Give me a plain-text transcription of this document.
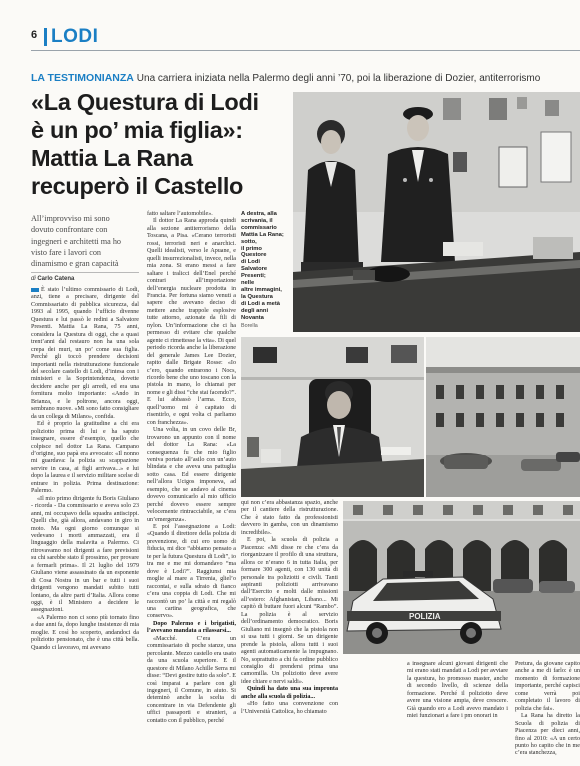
6 LODI
LA TESTIMONIANZA Una carriera iniziata nella Palermo degli anni ’70, poi la liberazione di Dozier, antiterrorismo
«La Questura di Lodi
è un po’ mia figlia»:
Mattia La Rana
recuperò il Castello
All’improvviso mi sono
dovuto confrontare con
ingegneri e architetti ma ho
visto fare i lavori con
dinamismo e gran capacità
di Carlo Catena

È stato l’ultimo commissario di Lodi, anzi, tiene a precisare, dirigente del Commissariato di pubblica sicurezza, dal 1993 al 1995, quando l’ufficio divenne Questura e lui passò le redini a Salvatore Presenti. Mattia La Rana, 75 anni, considera la Questura di oggi, che a quasi trent’anni dal restauro non ha una sola crepa dei muri, un po’ come sua figlia. Perché gli toccò prendere decisioni importanti nella ristrutturazione funzionale del secolare castello di Lodi, d’intesa con i ministeri e la Soprintendenza, dovette decidere anche per gli arredi, ed era una fornitura molto importante: «Ando in Brianza, e le poltrone, ancora oggi, sembrano nuove. «Mi sono fatto consigliare da un collega di Milano», confida.

Ed è proprio la gratitudine a chi era poliziotto prima di lui e ha saputo insegnare, essere d’esempio, quello che colpisce nel dottor La Rana. Campano d’origine, suo papà era avvocato: «Il nonno mi guardava: la polizia su scappazione servire in casa, ai figli arrivava...» e lui dopo la laurea e il servizio militare scelse di entrare in polizia. Prima destinazione: Palermo.

«Il mio primo dirigente fu Boris Giuliano - ricorda - Da commissario e aveva solo 23 anni, mi occupavo della squadra antiscippi. Quelli che, già allora, andavano in giro in moto. Ma ogni giorno comunque si vedevano i morti ammazzati, era il linguaggio della malavita a Palermo. Ci ritrovavamo noi dirigenti a fare previsioni su chi sarebbe stato il prossimo, per provare a fermarli prima». Il 21 luglio del 1979 Giuliano viene assassinato da un esponente di Cosa Nostra in un bar e tutti i suoi dirigenti vengono mandati subito tutti lontano, da altre parti d’Italia. Allora come oggi, è il Ministero a decidere le assegnazioni.

«A Palermo non ci sono più tornato fino a due anni fa, dopo lunghe insistenze di mia moglie. E così ho scoperto, andandoci da poliziotto pensionato, che è una città bella. Quando ci lavoravo, mi avevano

fatto saltare l’automobile».

Il dottor La Rana approda quindi alla sezione antiterrorismo della Toscana, a Pisa. «Cerano terroristi rossi, terroristi neri e anarchici. Quelli idealisti, verso le Apuane, e quelli insurrezionalisti, invece, nella mia zona. Si erano messi a fare saltare i tralicci dell’Enel perché contrari all’importazione dell’energia nucleare prodotta in Francia. Per fortuna siamo venuti a sapere che avevano deciso di mettere anche trappole esplosive tutte attorno, azionate da fili di nylon. Un’informazione che ci ha permesso di evitare che qualche agente ci rimettesse la vita». Di quel periodo ricorda anche la liberazione del generale James Lee Dozier, rapito dalle Brigate Rosse: «Io c’ero, quando entrarono i Nocs, ricordo bene che uno toscano con la pistola in mano, lo chiamai per nome e gli dissi “che stai facendo?”. E lui abbassò l’arma. Ecco, quell’uomo mi è capitato di risentirlo, e ogni volta ci parliamo con franchezza».

Una volta, in un covo delle Br, trovarono un appunto con il nome del dottor La Rana: «La conseguenza fu che mio figlio veniva portato all’asilo con un’auto blindata e che aveva una pattuglia sotto casa. Ed essere dirigente nell’allora Ucigos imponeva, ad esempio, che se andavo al cinema dovevo comunicarlo al mio ufficio perché dovevo essere sempre velocemente rintracciabile, se c’era un’emergenza».

E poi l’assegnazione a Lodi: «Quando il direttore della polizia di prevenzione, di cui ero uomo di fiducia, mi dice “abbiamo pensato a te per la futura Questura di Lodi”, io tra me e me mi domandavo “ma dove è Lodi?”. Raggiunsi mia moglie al mare a Tirrenia, gliel’o raccontai, e sulla sdraio di fianco c’era una coppia di Lodi. Che mi raccontò un po’ la città e mi regalò una cartina geografica, che conservo».

Dopo Palermo e i brigatisti, l’avevano mandata a rilassarsi...

«Macché. C’era un commissariato di poche stanze, una percolante. Mezzo castello era usato da una scuola superiore. E il questore di Milano Achille Serra mi disse: “Devi gestire tutto da solo”. E così imparai a parlare con gli ingegneri, il Comune, in aiuto. Si deteminò anche la scelta di concentrare in via Defendente gli uffici passaporti e stranieri, a contatto con il pubblico, perché

A destra, alla
scrivania, il
commissario
Mattia La Rana;
sotto,
il primo
Questore
di Lodi
Salvatore
Presenti;
nelle
altre immagini,
la Questura
di Lodi a metà
degli anni
Novanta
Borella
POLIZIA

qui non c’era abbastanza spazio, anche per il cantiere della ristrutturazione. Che è stato fatto da professionisti davvero in gamba, con un dinamismo incredibile».

E poi, la scuola di polizia a Piacenza: «Mi disse re che c’era da riorganizzare il profilo di una struttura, allora ce n’erano 6 in tutta Italia, per formare 300 agenti, con 130 unità di personale tra poliziotti e civili. Tanti aspiranti poliziotti arrivavano dall’Esercito e molti dalle missioni all’estero: Afghanistan, Libano... Mi capitò di buttare fuori alcuni “Rambo”. La polizia è al servizio dell’ordinamento democratico. Boris Giuliano mi insegnò che la pistola non si usa tutti i giorni. Se un dirigente prende la pistola, allora tutti i suoi agenti automaticamente la impugnano. No, soprattutto a chi fa ordine pubblico consiglio di prendersi prima una camomilla. Un poliziotto deve avere idee chiare e nervi saldi».

Quindi ha dato una sua impronta anche alla scuola di polizia...

«Ho fatto una convenzione con l’Università Cattolica, ho chiamato

a insegnare alcuni giovani dirigenti che mi erano stati mandati a Lodi per avviare la questura, ho promosso master, anche di secondo livello, di scienze della formazione. Perché il poliziotto deve avere una visione ampia, deve crescere. Già quando ero a Lodi avevo mandato i miei funzionari a fare i pm onorari in

Pretura, da giovane capito anche a me di farlo: è un momento di formazione importante, perché capisci come verrà poi completato il lavoro di polizia che fai».

La Rana ha diretto la Scuola di polizia di Piacenza per dieci anni, fino al 2010: «A un certo punto ho capito che in me c’era stanchezza,
